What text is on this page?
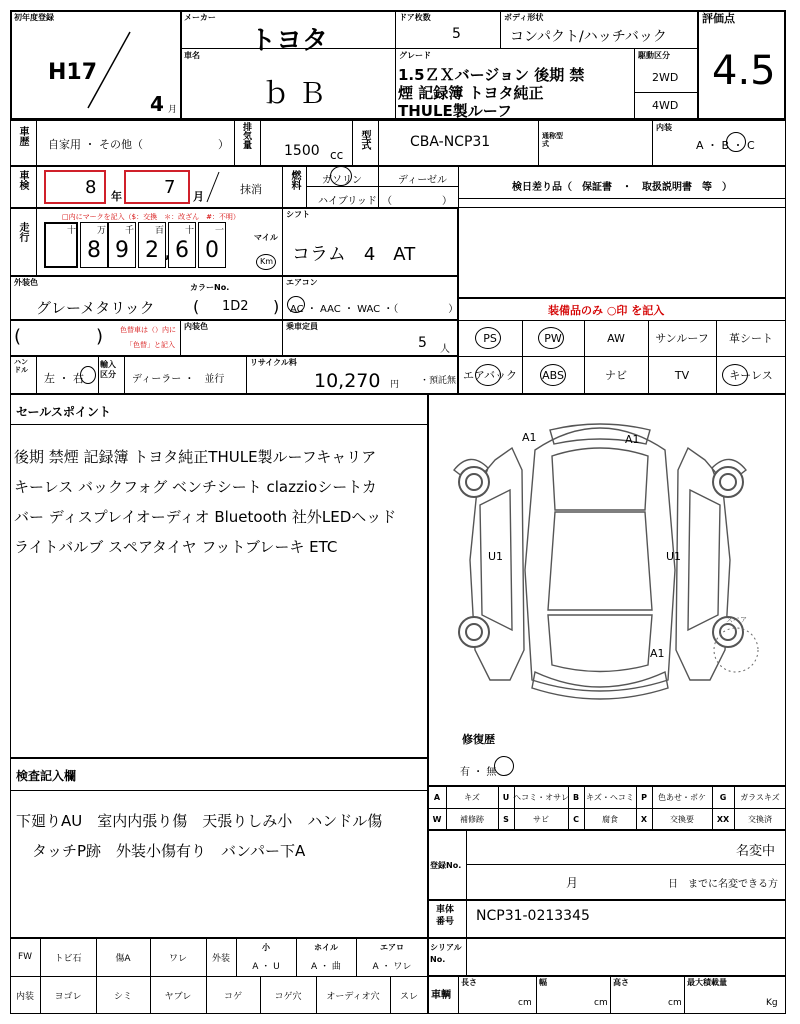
初年度登録
H17
4 月
メーカー
トヨタ
ドア枚数
5
ボディ形状
コンパクト/ハッチバック
評価点
4.5
車名
ｂＢ
グレード
1.5ＺＸバージョン 後期 禁
煙 記録簿 トヨタ純正
THULE製ルーフ
駆動区分
2WD
4WD
車歴 自家用 ・ その他（	） 排気量
1500 cc
型式	CBA-NCP31	通称型式
内装
A ・ B ・ C
車検	8 年 7 月
抹消	燃料 ガソリン	ディーゼル
ハイブリッド （　　　　　）
検日差り品（　保証書　・　取扱説明書　等　）
走行
□内にマークを記入（$：交換　＊：改ざん　#：不明）
十 万
8
千
9
百
2
十
6
一
0
,
マイル
Km
シフト
コラム　4　AT
外装色
グレーメタリック
カラーNo.
( 1D2 )
エアコン
AC ・ AAC ・ WAC ・（　　　　　）	装備品のみ ○印 を記入
PS	PW	AW	サンルーフ	革シート
エアバック	ABS	ナビ	TV	キーレス
(	) 色替車は（）内に
「色替」と記入
内装色	乗車定員
5 人
ハンドル
左 ・ 右
輸入区分	ディーラー ・　並行
リサイクル料
10,270 円 ・預託無
セールスポイント
後期 禁煙 記録簿 トヨタ純正THULE製ルーフキャリア
キーレス バックフォグ ベンチシート clazzioシートカ
バー ディスプレイオーディオ Bluetooth 社外LEDヘッド
ライトバルブ スペアタイヤ フットブレーキ ETC
A1	A1
U1	U1
A1
スペア
修復歴
有 ・ 無
検査記入欄
下廻りAU　室内内張り傷　天張りしみ小　ハンドル傷
タッチP跡　外装小傷有り　バンパー下A
A	キズ	U ヘコミ・オサレ B キズ・ヘコミ P	色あせ・ボケ	G	ガラスキズ
W	補修跡	S	サビ	C	腐食	X	交換要	XX	交換済
登録No.
名変中
月	日　までに名変できる方
車体番号	NCP31-0213345
FW	トビ石	傷A	ワレ	外装
小
A ・ U
ホイル
A ・ 曲
エアロ
A ・ ワレ
内装	ヨゴレ	シミ	ヤブレ	コゲ	コゲ穴	オーディオ穴	スレ
シリアルNo.
車輌
長さ
cm
幅
cm
高さ
cm
最大積載量
Kg
